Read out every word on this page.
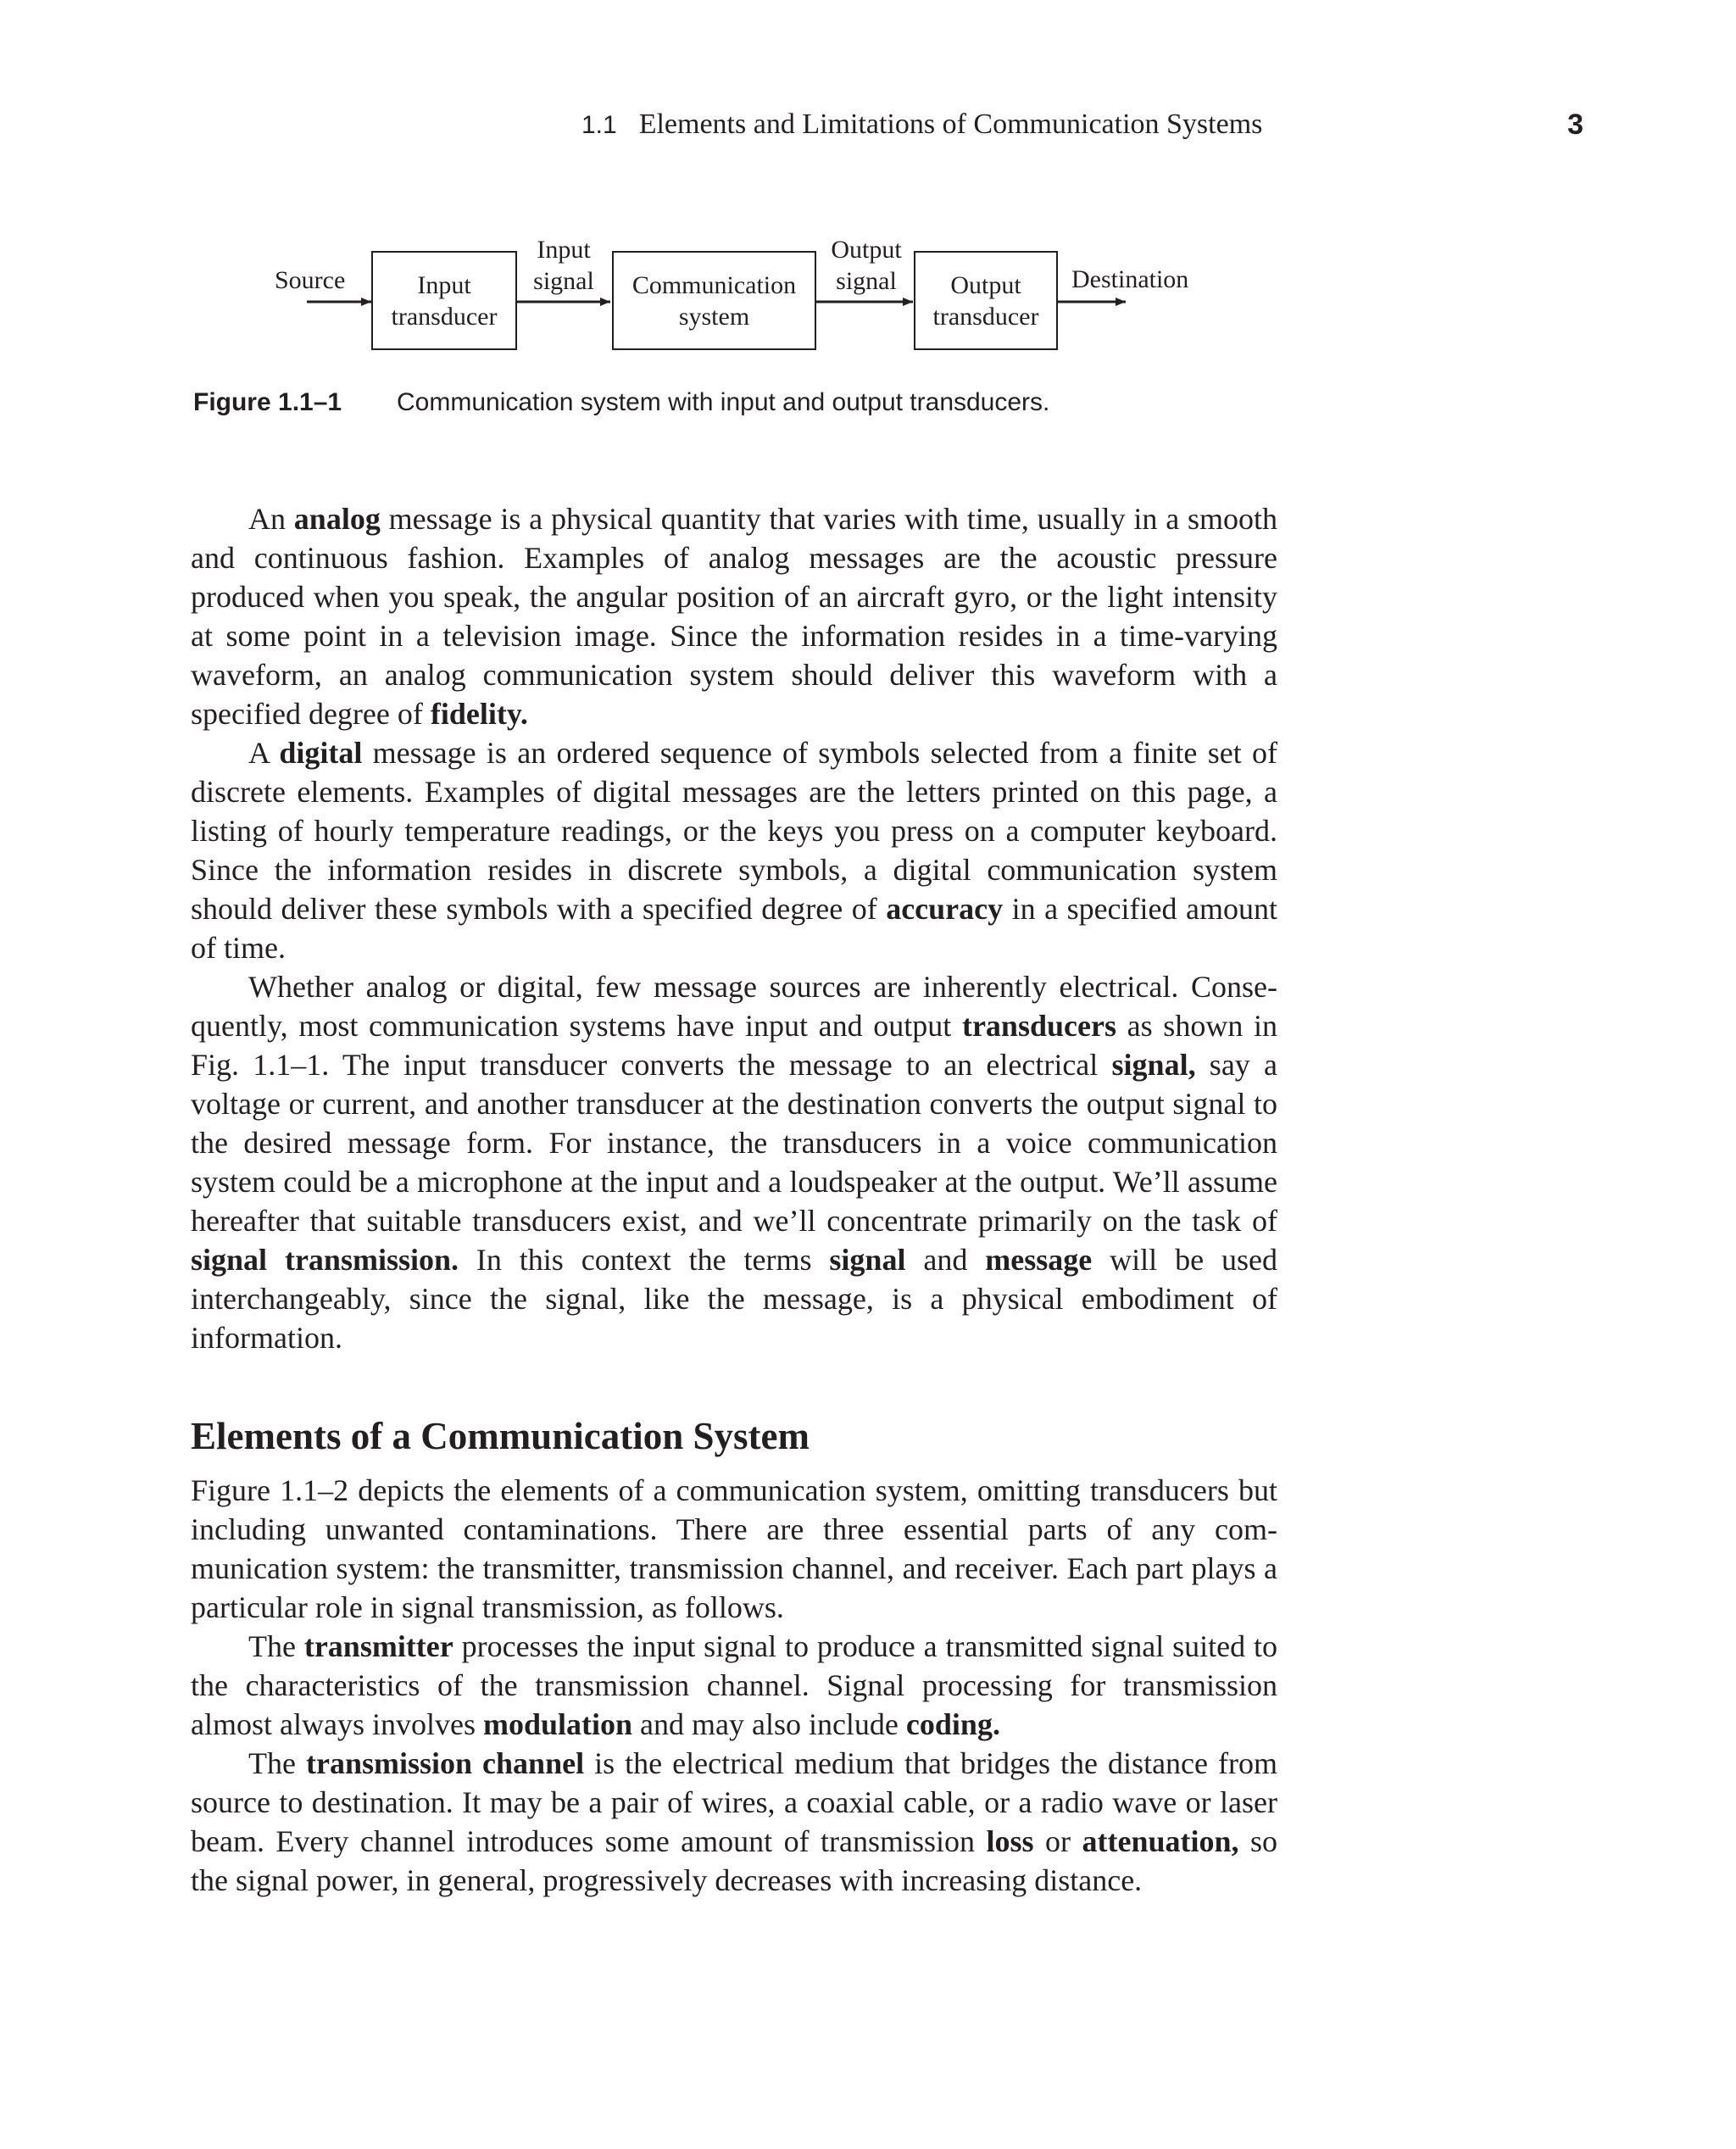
1.1 Elements and Limitations of Communication Systems	3
Source	Input
transducer
Input
signal Communication
system
Output
signal	Output
transducer
Destination
Figure 1.1–1 Communication system with input and output transducers.

An analog message is a physical quantity that varies with time, usually in a smooth and continuous fashion. Examples of analog messages are the acoustic pressure produced when you speak, the angular position of an aircraft gyro, or the light intensity at some point in a television image. Since the information resides in a time-varying waveform, an analog communication system should deliver this waveform with a specified degree of fidelity.

A digital message is an ordered sequence of symbols selected from a finite set of discrete elements. Examples of digital messages are the letters printed on this page, a listing of hourly temperature readings, or the keys you press on a computer keyboard. Since the information resides in discrete symbols, a digital communication system should deliver these symbols with a specified degree of accuracy in a specified amount of time.

Whether analog or digital, few message sources are inherently electrical. Consequently, most communication systems have input and output transducers as shown in Fig. 1.1–1. The input transducer converts the message to an electrical signal, say a voltage or current, and another transducer at the destination converts the output signal to the desired message form. For instance, the transducers in a voice communication system could be a microphone at the input and a loudspeaker at the output. We’ll assume hereafter that suitable transducers exist, and we’ll concentrate primarily on the task of signal transmission. In this context the terms signal and message will be used interchangeably, since the signal, like the message, is a physical embodiment of information.

Elements of a Communication System

Figure 1.1–2 depicts the elements of a communication system, omitting transducers but including unwanted contaminations. There are three essential parts of any communication system: the transmitter, transmission channel, and receiver. Each part plays a particular role in signal transmission, as follows.

The transmitter processes the input signal to produce a transmitted signal suited to the characteristics of the transmission channel. Signal processing for transmission almost always involves modulation and may also include coding.

The transmission channel is the electrical medium that bridges the distance from source to destination. It may be a pair of wires, a coaxial cable, or a radio wave or laser beam. Every channel introduces some amount of transmission loss or attenuation, so the signal power, in general, progressively decreases with increasing distance.
